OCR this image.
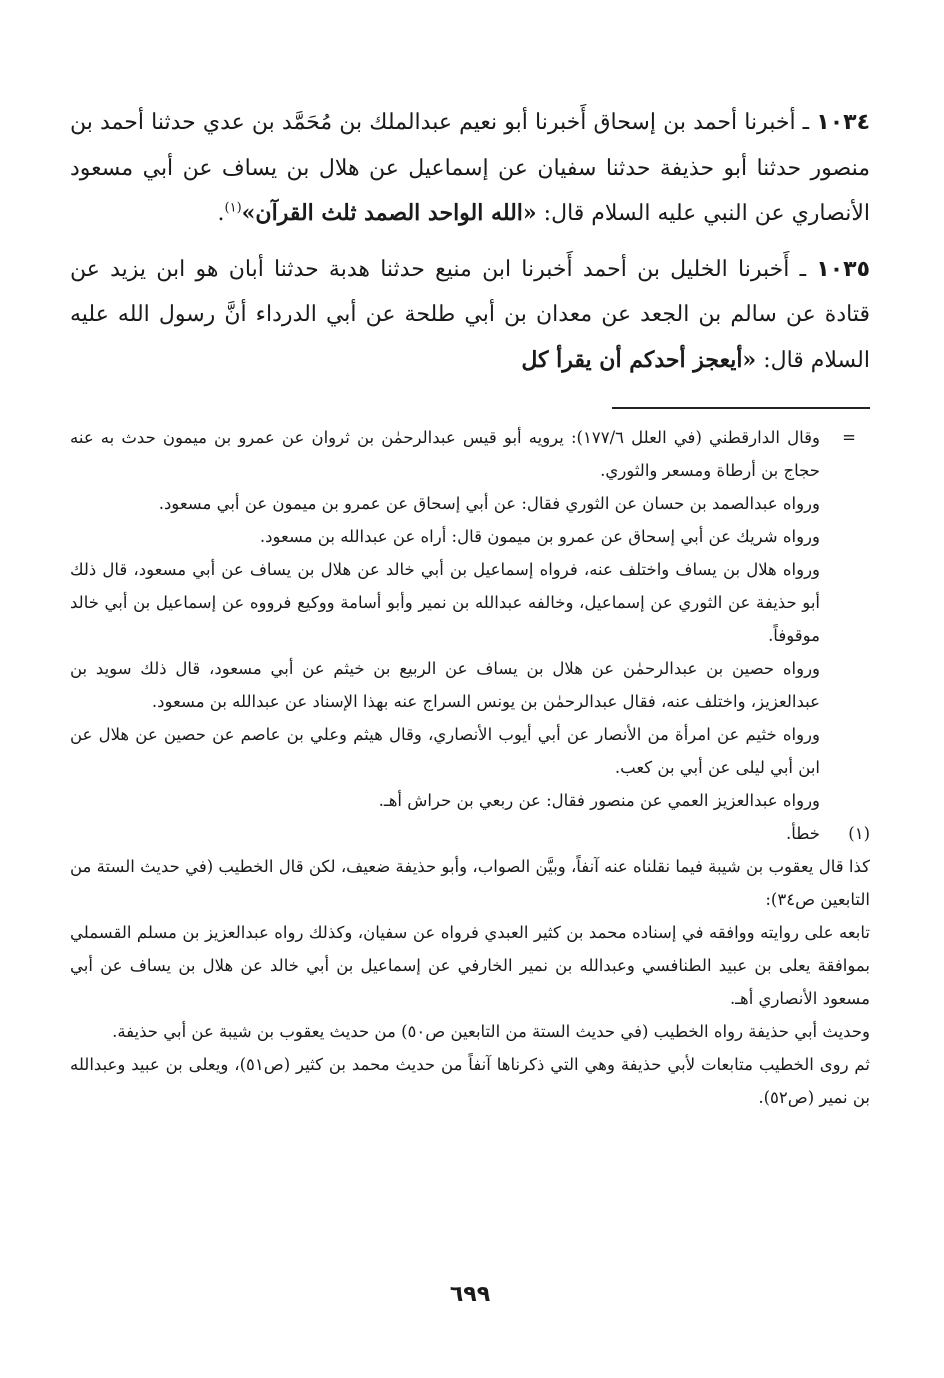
١٠٣٤ ـ أخبرنا أحمد بن إسحاق أَخبرنا أبو نعيم عبدالملك بن مُحَمَّد بن عدي حدثنا أحمد بن منصور حدثنا أبو حذيفة حدثنا سفيان عن إسماعيل عن هلال بن يساف عن أبي مسعود الأنصاري عن النبي عليه السلام قال: «الله الواحد الصمد ثلث القرآن»$^{(١)}$.

١٠٣٥ ـ أَخبرنا الخليل بن أحمد أَخبرنا ابن منيع حدثنا هدبة حدثنا أبان هو ابن يزيد عن قتادة عن سالم بن الجعد عن معدان بن أبي طلحة عن أبي الدرداء أنَّ رسول الله عليه السلام قال: «أيعجز أحدكم أن يقرأ كل

=

وقال الدارقطني (في العلل ١٧٧/٦): يرويه أبو قيس عبدالرحمٰن بن ثروان عن عمرو بن ميمون حدث به عنه حجاج بن أرطاة ومسعر والثوري.

ورواه عبدالصمد بن حسان عن الثوري فقال: عن أبي إسحاق عن عمرو بن ميمون عن أبي مسعود.

ورواه شريك عن أبي إسحاق عن عمرو بن ميمون قال: أراه عن عبدالله بن مسعود.

ورواه هلال بن يساف واختلف عنه، فرواه إسماعيل بن أبي خالد عن هلال بن يساف عن أبي مسعود، قال ذلك أبو حذيفة عن الثوري عن إسماعيل، وخالفه عبدالله بن نمير وأبو أسامة ووكيع فرووه عن إسماعيل بن أبي خالد موقوفاً.

ورواه حصين بن عبدالرحمٰن عن هلال بن يساف عن الربيع بن خيثم عن أبي مسعود، قال ذلك سويد بن عبدالعزيز، واختلف عنه، فقال عبدالرحمٰن بن يونس السراج عنه بهذا الإسناد عن عبدالله بن مسعود.

ورواه خثيم عن امرأة من الأنصار عن أبي أيوب الأنصاري، وقال هيثم وعلي بن عاصم عن حصين عن هلال عن ابن أبي ليلى عن أبي بن كعب.

ورواه عبدالعزيز العمي عن منصور فقال: عن ربعي بن حراش أهـ.

(١)

خطأ.

كذا قال يعقوب بن شيبة فيما نقلناه عنه آنفاً، وبيَّن الصواب، وأبو حذيفة ضعيف، لكن قال الخطيب (في حديث الستة من التابعين ص٣٤):

تابعه على روايته ووافقه في إسناده محمد بن كثير العبدي فرواه عن سفيان، وكذلك رواه عبدالعزيز بن مسلم القسملي بموافقة يعلى بن عبيد الطنافسي وعبدالله بن نمير الخارفي عن إسماعيل بن أبي خالد عن هلال بن يساف عن أبي مسعود الأنصاري أهـ.

وحديث أبي حذيفة رواه الخطيب (في حديث الستة من التابعين ص٥٠) من حديث يعقوب بن شيبة عن أبي حذيفة.

ثم روى الخطيب متابعات لأبي حذيفة وهي التي ذكرناها آنفاً من حديث محمد بن كثير (ص٥١)، ويعلى بن عبيد وعبدالله بن نمير (ص٥٢).

٦٩٩
